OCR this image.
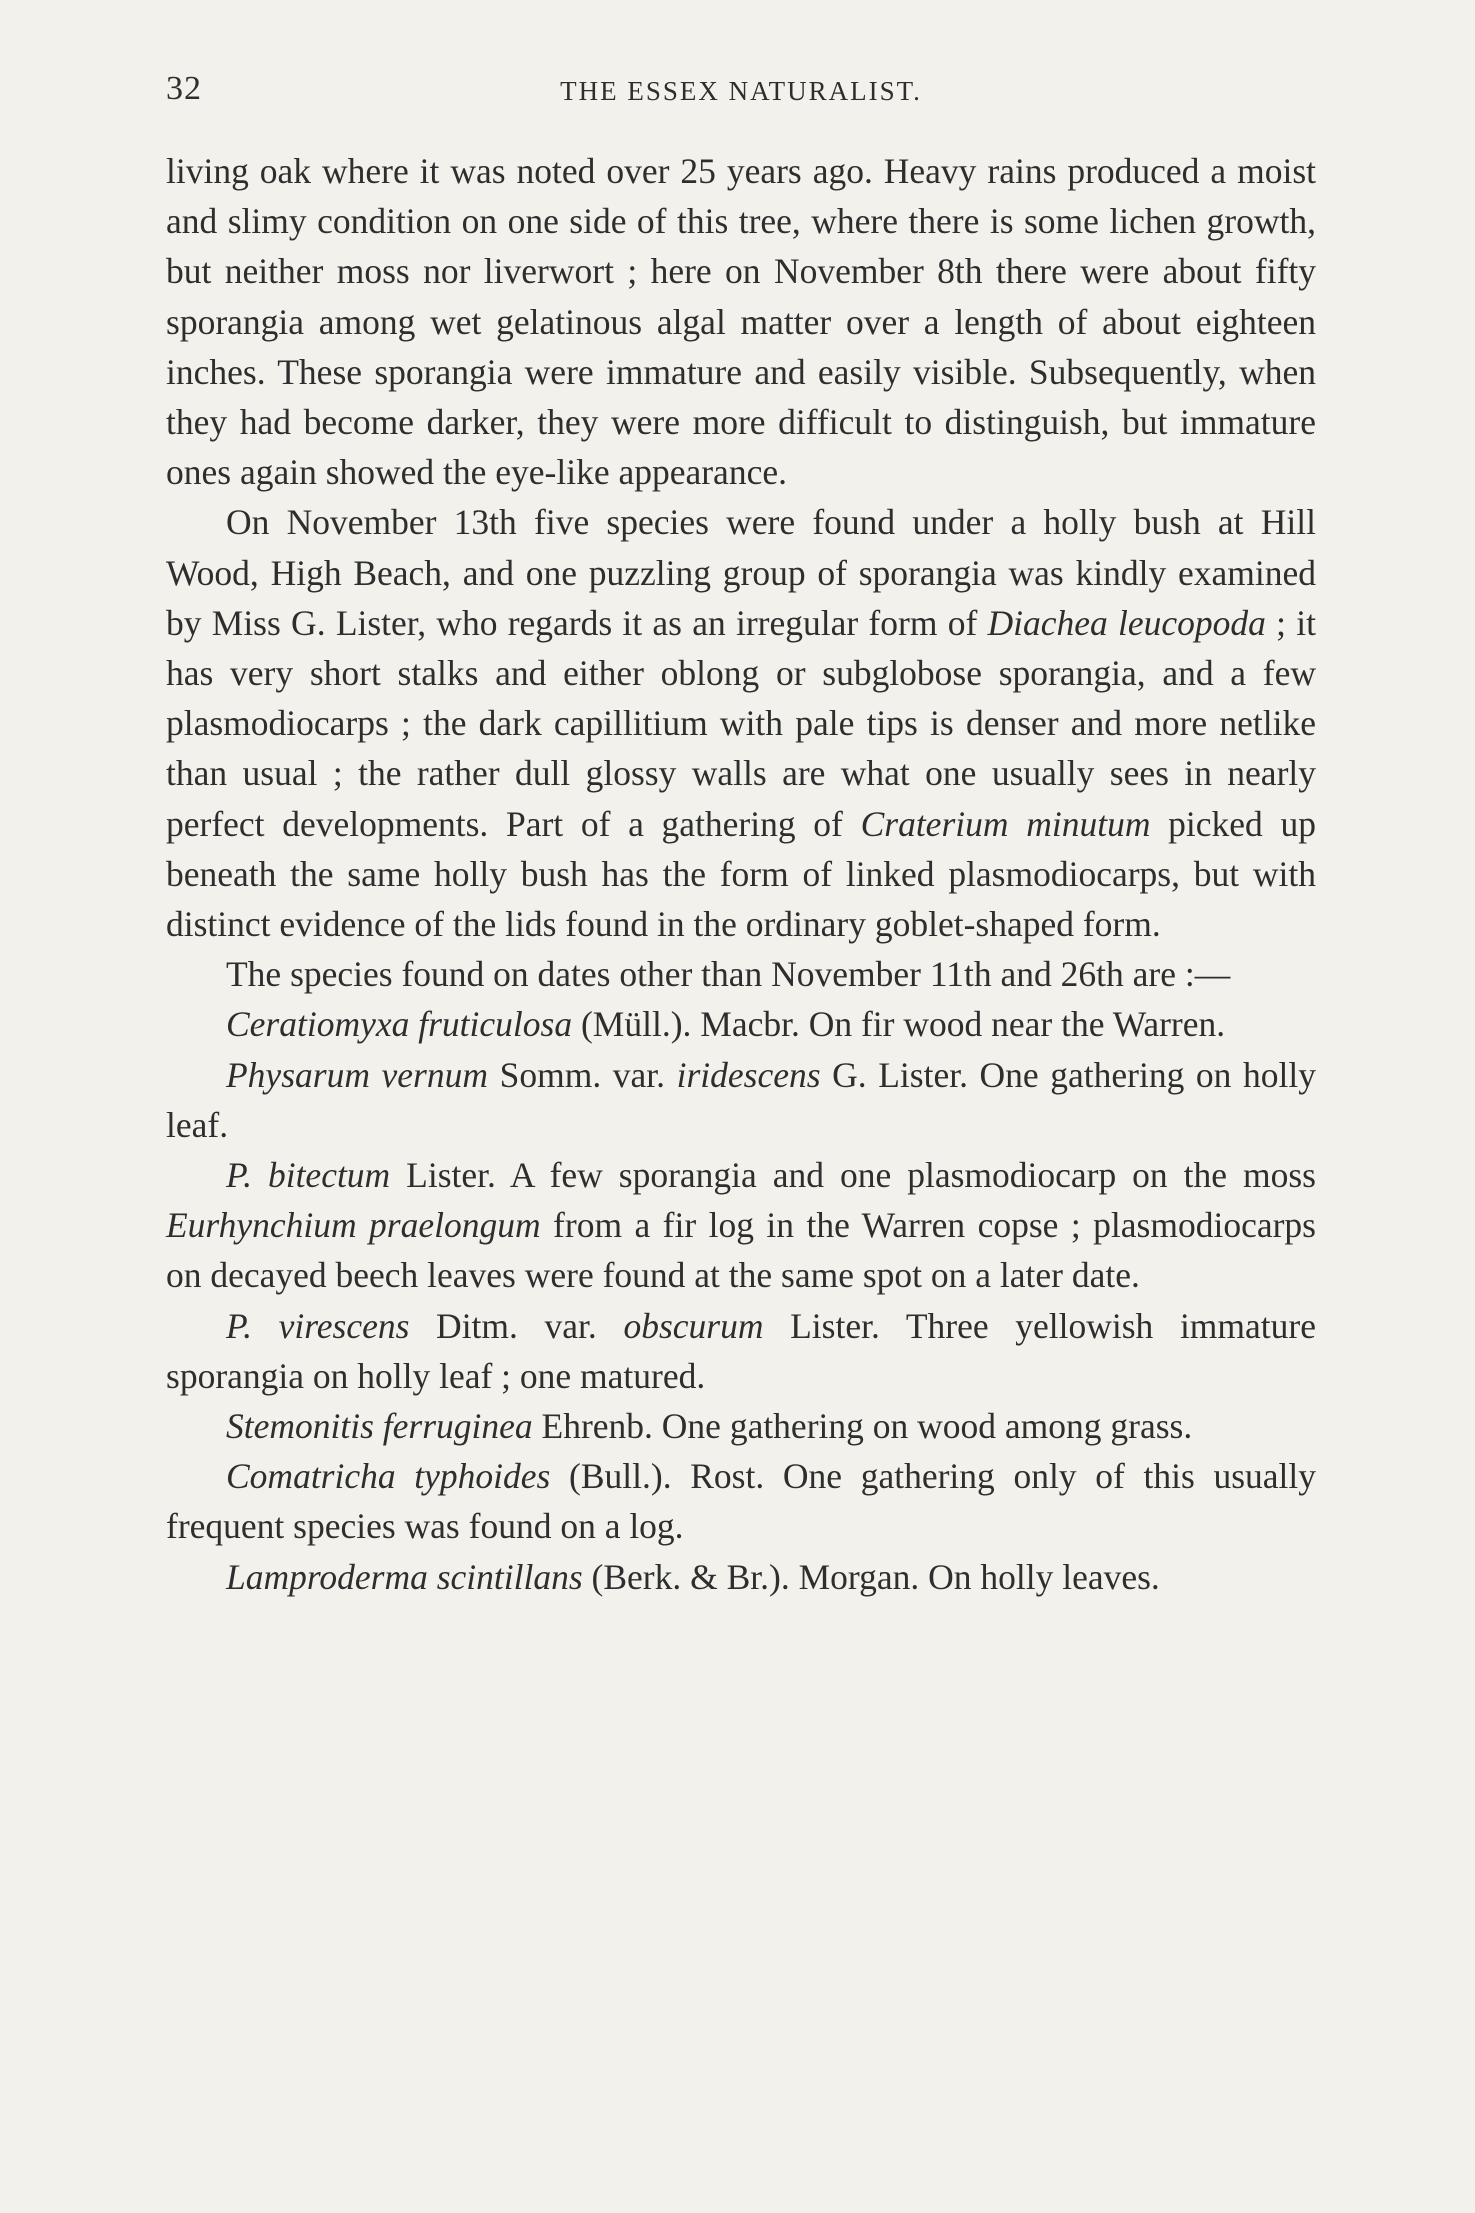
32	THE ESSEX NATURALIST.

living oak where it was noted over 25 years ago. Heavy rains produced a moist and slimy condition on one side of this tree, where there is some lichen growth, but neither moss nor liverwort ; here on November 8th there were about fifty sporangia among wet gelatinous algal matter over a length of about eighteen inches. These sporangia were immature and easily visible. Subsequently, when they had become darker, they were more difficult to distinguish, but immature ones again showed the eye-like appearance.

On November 13th five species were found under a holly bush at Hill Wood, High Beach, and one puzzling group of sporangia was kindly examined by Miss G. Lister, who regards it as an irregular form of Diachea leucopoda ; it has very short stalks and either oblong or subglobose sporangia, and a few plasmodiocarps ; the dark capillitium with pale tips is denser and more netlike than usual ; the rather dull glossy walls are what one usually sees in nearly perfect developments. Part of a gathering of Craterium minutum picked up beneath the same holly bush has the form of linked plasmodiocarps, but with distinct evidence of the lids found in the ordinary goblet-shaped form.

The species found on dates other than November 11th and 26th are :—

Ceratiomyxa fruticulosa (Müll.). Macbr. On fir wood near the Warren.

Physarum vernum Somm. var. iridescens G. Lister. One gathering on holly leaf.

P. bitectum Lister. A few sporangia and one plasmodiocarp on the moss Eurhynchium praelongum from a fir log in the Warren copse ; plasmodiocarps on decayed beech leaves were found at the same spot on a later date.

P. virescens Ditm. var. obscurum Lister. Three yellowish immature sporangia on holly leaf ; one matured.

Stemonitis ferruginea Ehrenb. One gathering on wood among grass.

Comatricha typhoides (Bull.). Rost. One gathering only of this usually frequent species was found on a log.

Lamproderma scintillans (Berk. & Br.). Morgan. On holly leaves.
